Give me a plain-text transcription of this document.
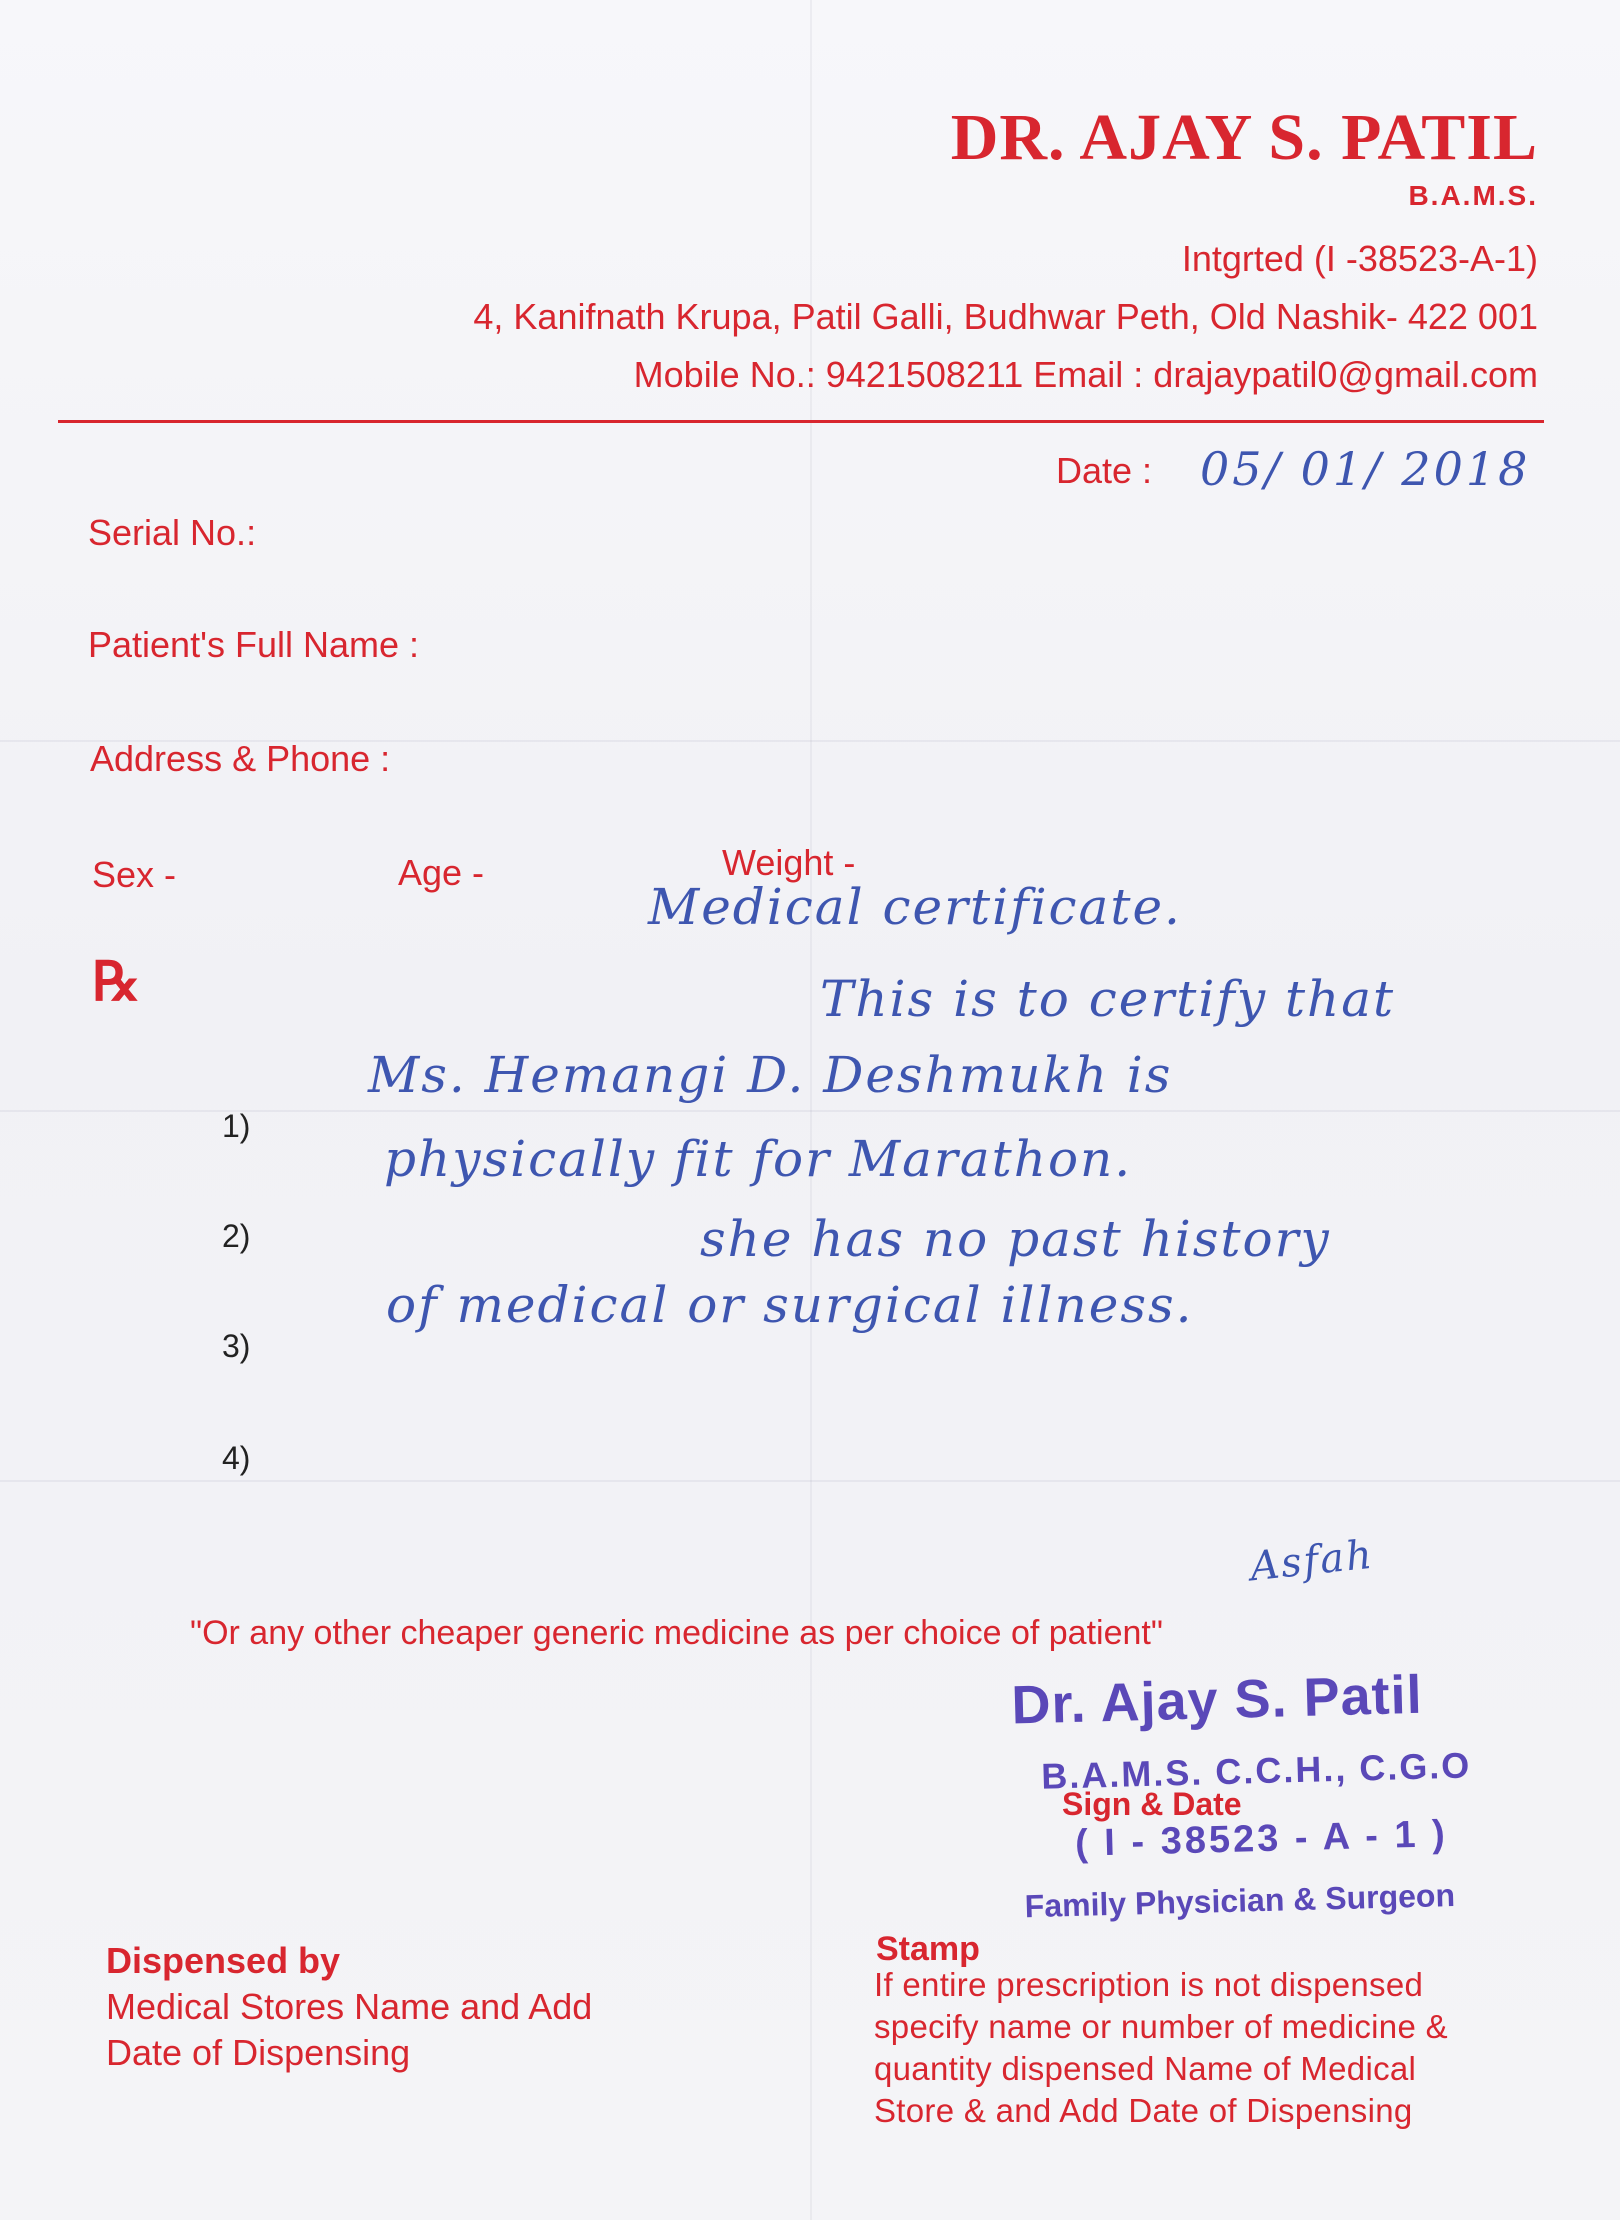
DR. AJAY S. PATIL
B.A.M.S.
Intgrted (I -38523-A-1)
4, Kanifnath Krupa, Patil Galli, Budhwar Peth, Old Nashik- 422 001
Mobile No.: 9421508211 Email : drajaypatil0@gmail.com
Date : 05/ 01/ 2018
Serial No.:
Patient's Full Name :
Address & Phone :
Sex -	Age -	Weight -
℞
1)
2)
3)
4)
Medical certificate.
This is to certify that
Ms. Hemangi D. Deshmukh is
physically fit for Marathon.
she has no past history
of medical or surgical illness.
Asfah
"Or any other cheaper generic medicine as per choice of patient"
Dr. Ajay S. Patil
B.A.M.S. C.C.H., C.G.O
( I - 38523 - A - 1 )
Family Physician & Surgeon
Sign & Date
Dispensed by
Medical Stores Name and Add
Date of Dispensing
Stamp
If entire prescription is not dispensed
specify name or number of medicine &
quantity dispensed Name of Medical
Store & and Add Date of Dispensing
